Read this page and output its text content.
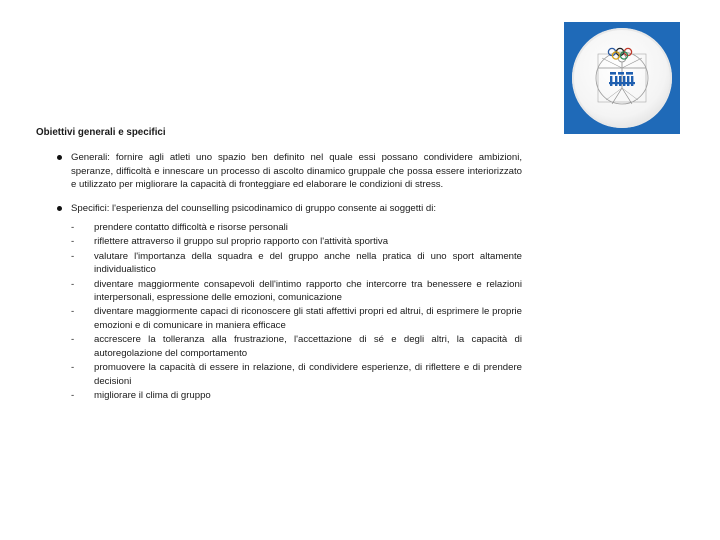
Obiettivi generali e specifici
Generali: fornire agli atleti uno spazio ben definito nel quale essi possano condividere ambizioni, speranze, difficoltà e innescare un processo di ascolto dinamico gruppale che possa essere interiorizzato e utilizzato per migliorare la capacità di fronteggiare ed elaborare le condizioni di stress.
Specifici: l'esperienza del counselling psicodinamico di gruppo consente ai soggetti di:
- prendere contatto difficoltà e risorse personali
- riflettere attraverso il gruppo sul proprio rapporto con l'attività sportiva
- valutare l'importanza della squadra e del gruppo anche nella pratica di uno sport altamente individualistico
- diventare maggiormente consapevoli dell'intimo rapporto che intercorre tra benessere e relazioni interpersonali, espressione delle emozioni, comunicazione
- diventare maggiormente capaci di riconoscere gli stati affettivi propri ed altrui, di esprimere le proprie emozioni e di comunicare in maniera efficace
- accrescere la tolleranza alla frustrazione, l'accettazione di sé e degli altri, la capacità di autoregolazione del comportamento
- promuovere la capacità di essere in relazione, di condividere esperienze, di riflettere e di prendere decisioni
- migliorare il clima di gruppo
